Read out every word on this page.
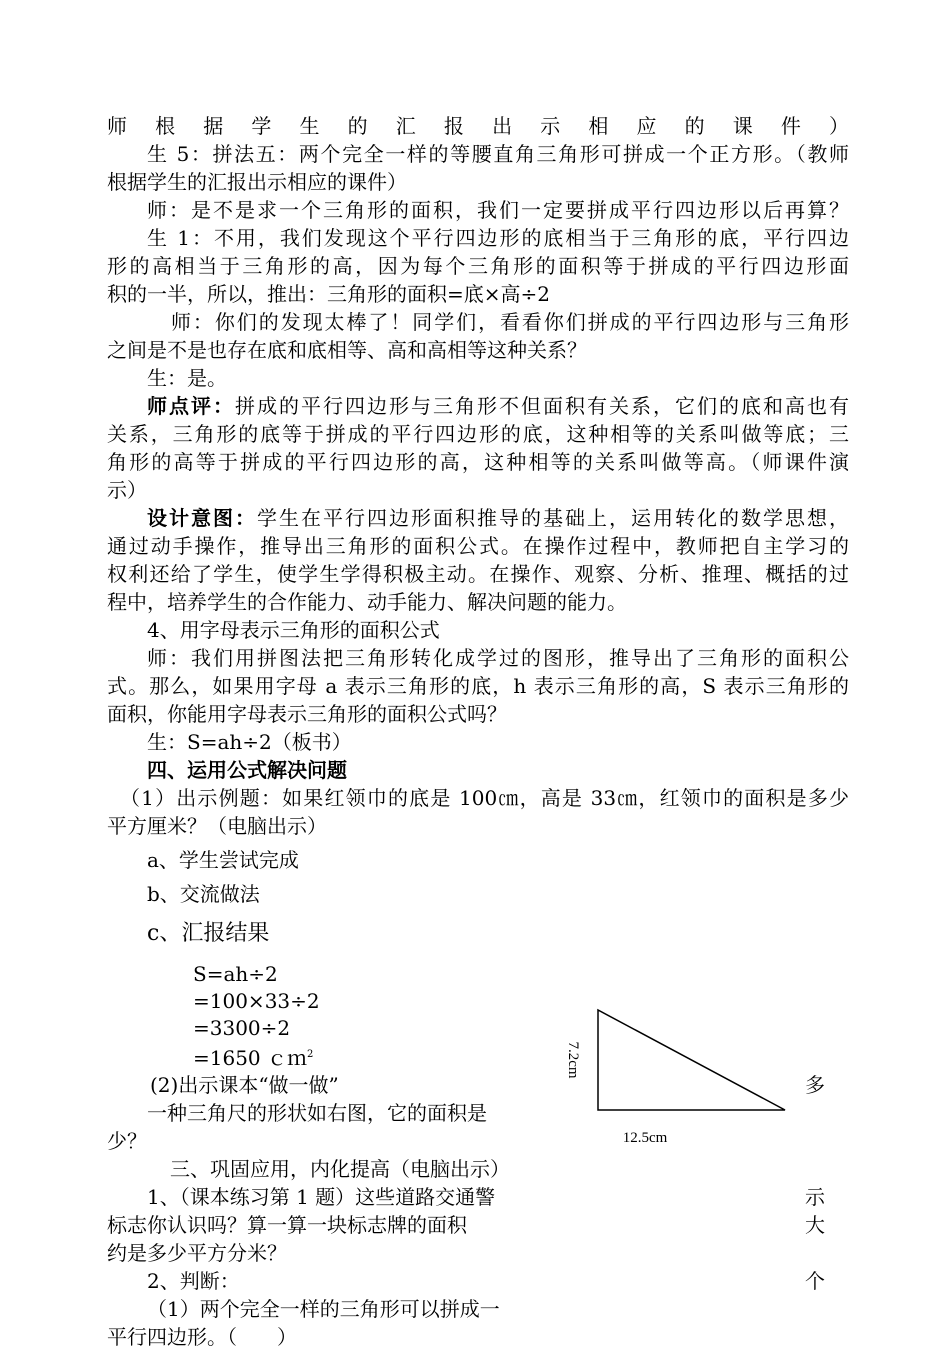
师根据学生的汇报出示相应的课件）
生 5：拼法五：两个完全一样的等腰直角三角形可拼成一个正方形。（教师
根据学生的汇报出示相应的课件）
师：是不是求一个三角形的面积，我们一定要拼成平行四边形以后再算？
生 1：不用，我们发现这个平行四边形的底相当于三角形的底，平行四边
形的高相当于三角形的高，因为每个三角形的面积等于拼成的平行四边形面
积的一半，所以，推出：三角形的面积=底×高÷2
师：你们的发现太棒了！同学们，看看你们拼成的平行四边形与三角形
之间是不是也存在底和底相等、高和高相等这种关系？
生：是。
师点评：拼成的平行四边形与三角形不但面积有关系，它们的底和高也有
关系，三角形的底等于拼成的平行四边形的底，这种相等的关系叫做等底；三
角形的高等于拼成的平行四边形的高，这种相等的关系叫做等高。（师课件演
示）
设计意图：学生在平行四边形面积推导的基础上，运用转化的数学思想，
通过动手操作，推导出三角形的面积公式。在操作过程中，教师把自主学习的
权利还给了学生，使学生学得积极主动。在操作、观察、分析、推理、概括的过
程中，培养学生的合作能力、动手能力、解决问题的能力。
4、用字母表示三角形的面积公式
师：我们用拼图法把三角形转化成学过的图形，推导出了三角形的面积公
式。那么，如果用字母 a 表示三角形的底，h 表示三角形的高，S 表示三角形的
面积，你能用字母表示三角形的面积公式吗？
生：S=ah÷2（板书）
四、运用公式解决问题
（1）出示例题：如果红领巾的底是 100㎝，高是 33㎝，红领巾的面积是多少
平方厘米？（电脑出示）
a、学生尝试完成
b、交流做法
c、汇报结果
S=ah÷2
=100×33÷2
=3300÷2
=1650 ｃｍ$^2$
(2)出示课本“做一做”
一种三角尺的形状如右图，它的面积是
少？
三、巩固应用，内化提高（电脑出示）
1、（课本练习第 1 题）这些道路交通警
标志你认识吗？算一算一块标志牌的面积
约是多少平方分米？
2、判断：
（1）两个完全一样的三角形可以拼成一
平行四边形。（　　）
多
示
大
个
7.2cm
12.5cm
